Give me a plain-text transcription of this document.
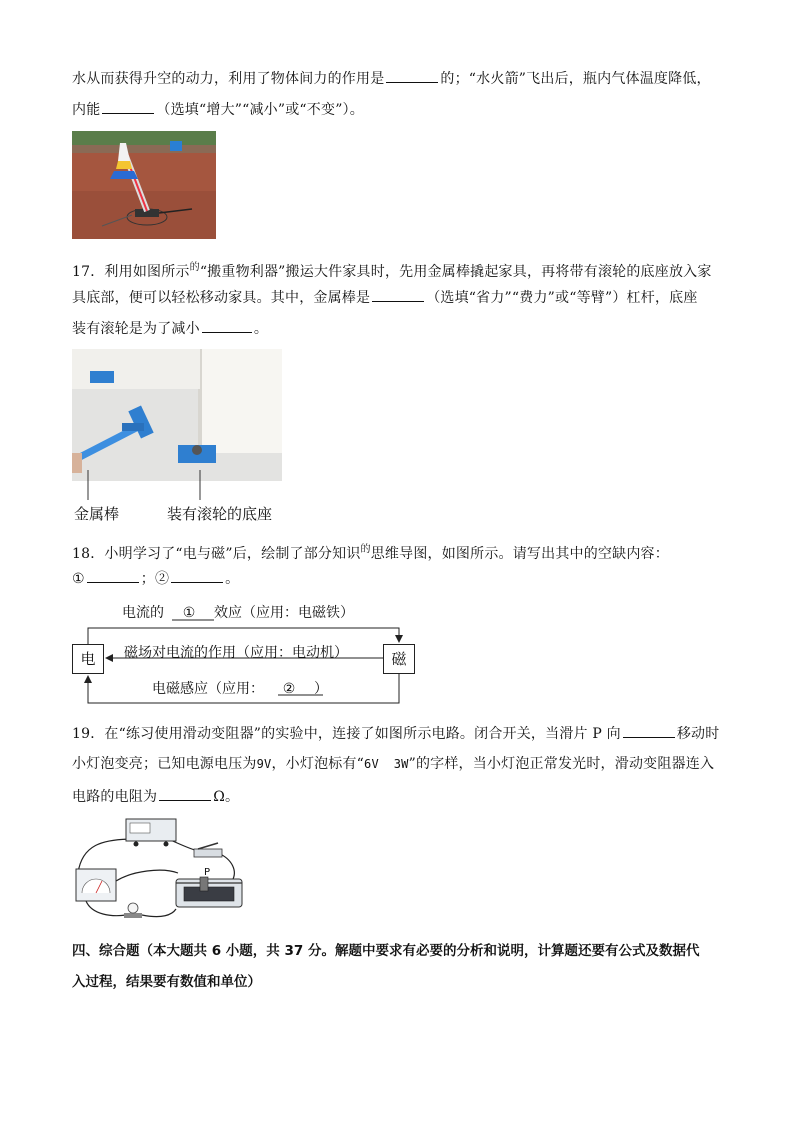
水从而获得升空的动力，利用了物体间力的作用是	的；“水火箭”飞出后，瓶内气体温度降低，
内能	（选填“增大”“减小”或“不变”）。
17．利用如图所示$^的$“搬重物利器”搬运大件家具时，先用金属棒撬起家具，再将带有滚轮的底座放入家
具底部，便可以轻松移动家具。其中，金属棒是	（选填“省力”“费力”或“等臂”）杠杆，底座
装有滚轮是为了减小	。
金属棒	装有滚轮的底座
18．小明学习了“电与磁”后，绘制了部分知识$^的$思维导图，如图所示。请写出其中的空缺内容：
①	；②	。
电	磁
电流的 ① 效应（应用：电磁铁）
磁场对电流的作用（应用：电动机）
电磁感应（应用： ② ）
19．在“练习使用滑动变阻器”的实验中，连接了如图所示电路。闭合开关，当滑片 P 向	移动时
小灯泡变亮；已知电源电压为9V，小灯泡标有“6V  3W”的字样，当小灯泡正常发光时，滑动变阻器连入
电路的电阻为	Ω。
P
四、综合题（本大题共 6 小题，共 37 分。解题中要求有必要的分析和说明，计算题还要有公式及数据代
入过程，结果要有数值和单位）
